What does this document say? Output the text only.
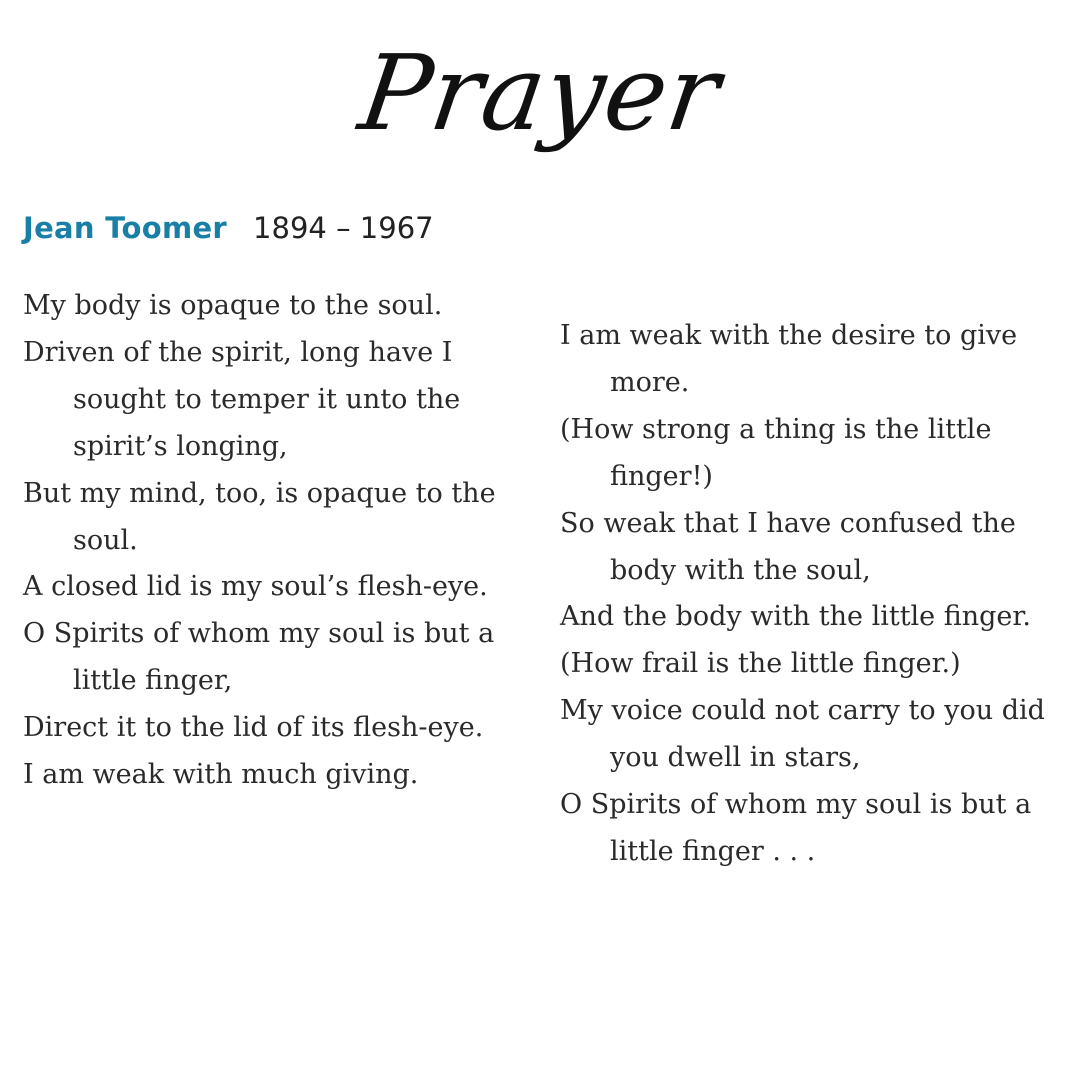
Prayer
Jean Toomer 1894 – 1967
My body is opaque to the soul.
Driven of the spirit, long have I
sought to temper it unto the
spirit’s longing,
But my mind, too, is opaque to the
soul.
A closed lid is my soul’s flesh-eye.
O Spirits of whom my soul is but a
little finger,
Direct it to the lid of its flesh-eye.
I am weak with much giving.
I am weak with the desire to give
more.
(How strong a thing is the little
finger!)
So weak that I have confused the
body with the soul,
And the body with the little finger.
(How frail is the little finger.)
My voice could not carry to you did
you dwell in stars,
O Spirits of whom my soul is but a
little finger . . .
